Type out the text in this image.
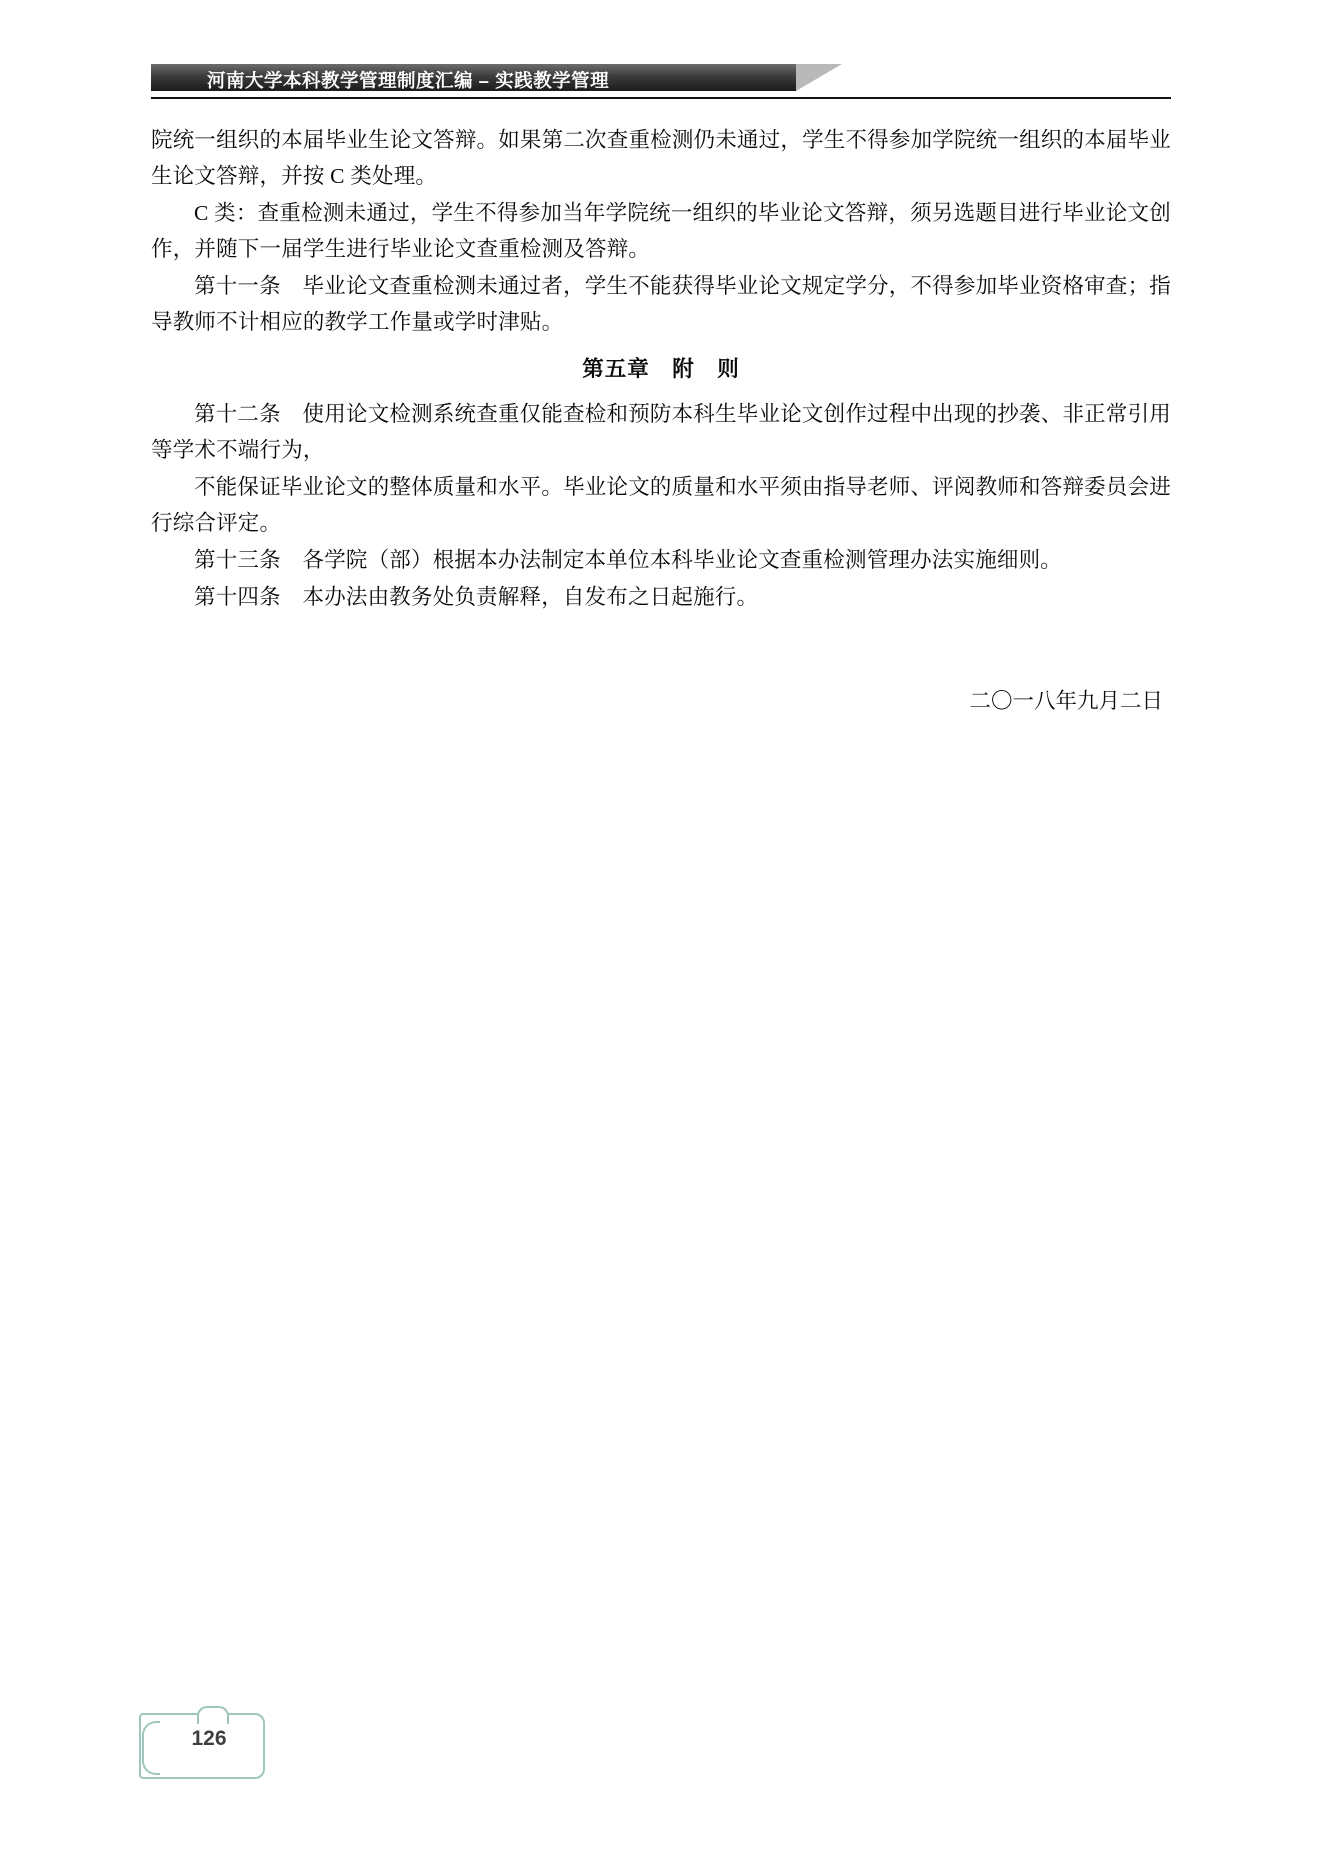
河南大学本科教学管理制度汇编 – 实践教学管理

院统一组织的本届毕业生论文答辩。如果第二次查重检测仍未通过，学生不得参加学院统一组织的本届毕业生论文答辩，并按 C 类处理。

C 类：查重检测未通过，学生不得参加当年学院统一组织的毕业论文答辩，须另选题目进行毕业论文创作，并随下一届学生进行毕业论文查重检测及答辩。

第十一条　毕业论文查重检测未通过者，学生不能获得毕业论文规定学分，不得参加毕业资格审查；指导教师不计相应的教学工作量或学时津贴。

第五章　附　则

第十二条　使用论文检测系统查重仅能查检和预防本科生毕业论文创作过程中出现的抄袭、非正常引用等学术不端行为，

不能保证毕业论文的整体质量和水平。毕业论文的质量和水平须由指导老师、评阅教师和答辩委员会进行综合评定。

第十三条　各学院（部）根据本办法制定本单位本科毕业论文查重检测管理办法实施细则。

第十四条　本办法由教务处负责解释，自发布之日起施行。

二〇一八年九月二日
126
